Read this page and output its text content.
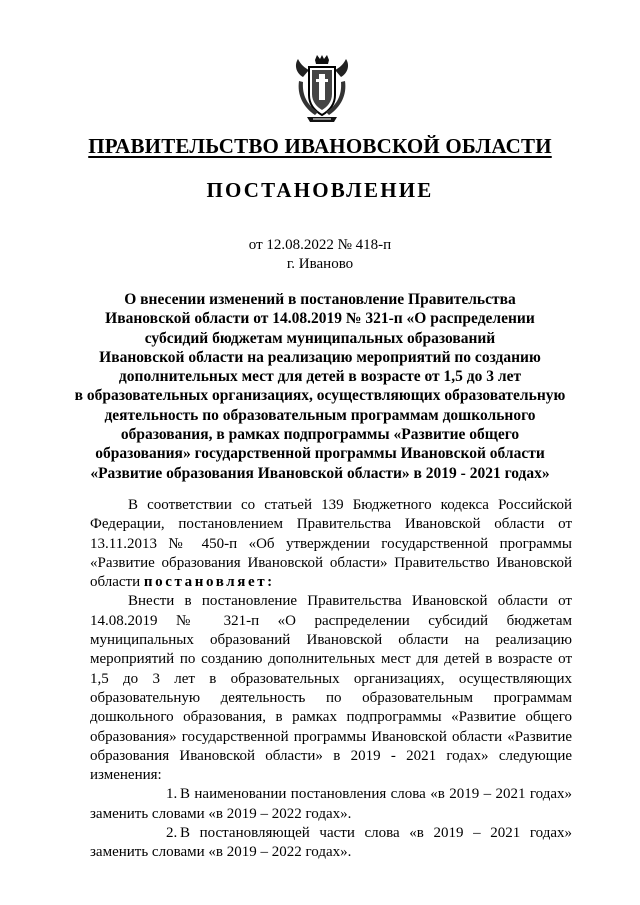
ПРАВИТЕЛЬСТВО ИВАНОВСКОЙ ОБЛАСТИ
ПОСТАНОВЛЕНИЕ
от 12.08.2022 № 418-п
г. Иваново
О внесении изменений в постановление Правительства
Ивановской области от 14.08.2019 № 321-п «О распределении
субсидий бюджетам муниципальных образований
Ивановской области на реализацию мероприятий по созданию
дополнительных мест для детей в возрасте от 1,5 до 3 лет
в образовательных организациях, осуществляющих образовательную
деятельность по образовательным программам дошкольного
образования, в рамках подпрограммы «Развитие общего
образования» государственной программы Ивановской области
«Развитие образования Ивановской области» в 2019 - 2021 годах»

В соответствии со статьей 139 Бюджетного кодекса Российской Федерации, постановлением Правительства Ивановской области от 13.11.2013 № 450-п «Об утверждении государственной программы «Развитие образования Ивановской области» Правительство Ивановской области постановляет:

Внести в постановление Правительства Ивановской области от 14.08.2019 № 321-п «О распределении субсидий бюджетам муниципальных образований Ивановской области на реализацию мероприятий по созданию дополнительных мест для детей в возрасте от 1,5 до 3 лет в образовательных организациях, осуществляющих образовательную деятельность по образовательным программам дошкольного образования, в рамках подпрограммы «Развитие общего образования» государственной программы Ивановской области «Развитие образования Ивановской области» в 2019 - 2021 годах» следующие изменения:

1. В наименовании постановления слова «в 2019 – 2021 годах» заменить словами «в 2019 – 2022 годах».

2. В постановляющей части слова «в 2019 – 2021 годах» заменить словами «в 2019 – 2022 годах».
